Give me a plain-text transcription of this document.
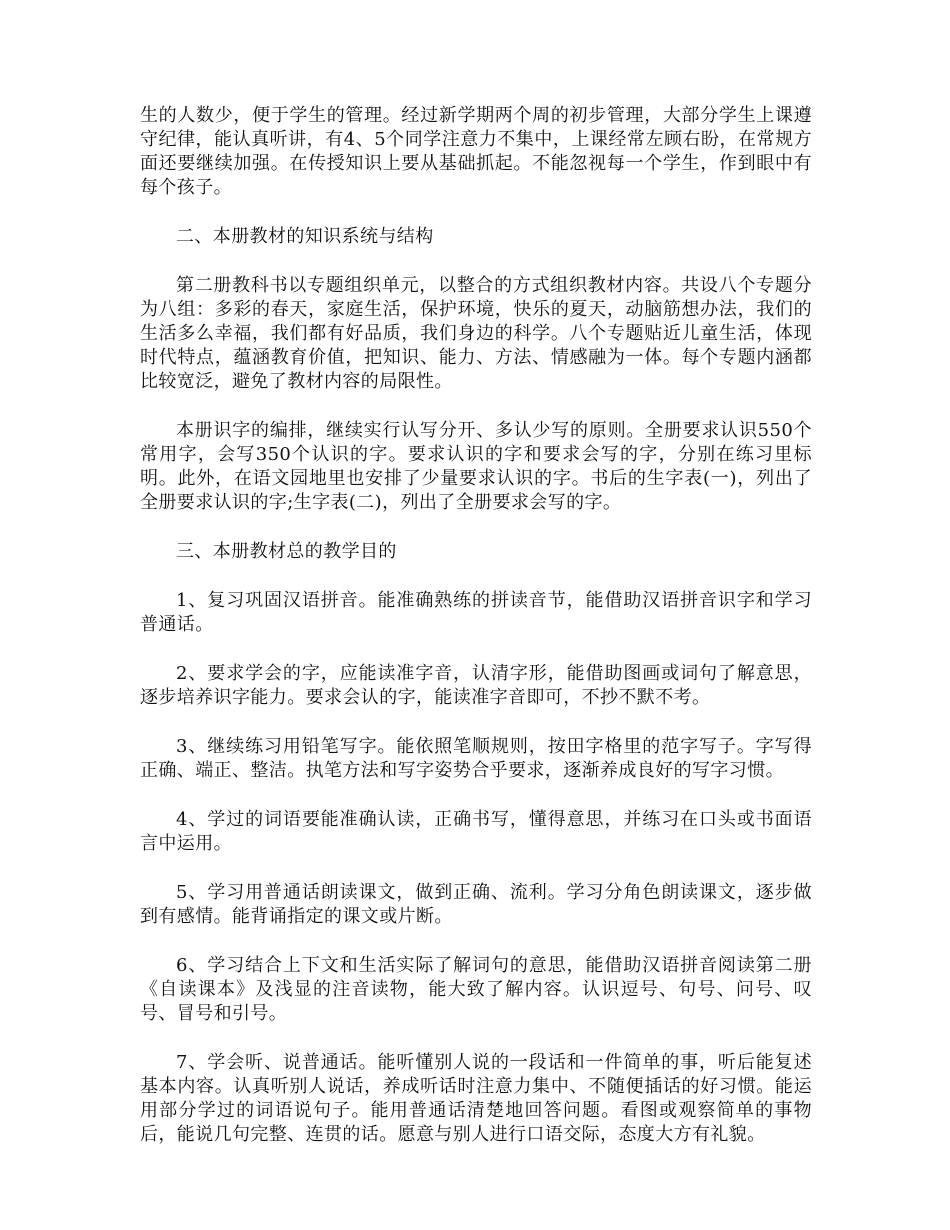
生的人数少，便于学生的管理。经过新学期两个周的初步管理，大部分学生上课遵守纪律，能认真听讲，有4、5个同学注意力不集中，上课经常左顾右盼，在常规方面还要继续加强。在传授知识上要从基础抓起。不能忽视每一个学生，作到眼中有每个孩子。

二、本册教材的知识系统与结构

第二册教科书以专题组织单元，以整合的方式组织教材内容。共设八个专题分为八组：多彩的春天，家庭生活，保护环境，快乐的夏天，动脑筋想办法，我们的生活多么幸福，我们都有好品质，我们身边的科学。八个专题贴近儿童生活，体现时代特点，蕴涵教育价值，把知识、能力、方法、情感融为一体。每个专题内涵都比较宽泛，避免了教材内容的局限性。

本册识字的编排，继续实行认写分开、多认少写的原则。全册要求认识550个常用字，会写350个认识的字。要求认识的字和要求会写的字，分别在练习里标明。此外，在语文园地里也安排了少量要求认识的字。书后的生字表(一)，列出了全册要求认识的字;生字表(二)，列出了全册要求会写的字。

三、本册教材总的教学目的

1、复习巩固汉语拼音。能准确熟练的拼读音节，能借助汉语拼音识字和学习普通话。

2、要求学会的字，应能读准字音，认清字形，能借助图画或词句了解意思，逐步培养识字能力。要求会认的字，能读准字音即可，不抄不默不考。

3、继续练习用铅笔写字。能依照笔顺规则，按田字格里的范字写子。字写得正确、端正、整洁。执笔方法和写字姿势合乎要求，逐渐养成良好的写字习惯。

4、学过的词语要能准确认读，正确书写，懂得意思，并练习在口头或书面语言中运用。

5、学习用普通话朗读课文，做到正确、流利。学习分角色朗读课文，逐步做到有感情。能背诵指定的课文或片断。

6、学习结合上下文和生活实际了解词句的意思，能借助汉语拼音阅读第二册《自读课本》及浅显的注音读物，能大致了解内容。认识逗号、句号、问号、叹号、冒号和引号。

7、学会听、说普通话。能听懂别人说的一段话和一件简单的事，听后能复述基本内容。认真听别人说话，养成听话时注意力集中、不随便插话的好习惯。能运用部分学过的词语说句子。能用普通话清楚地回答问题。看图或观察简单的事物后，能说几句完整、连贯的话。愿意与别人进行口语交际，态度大方有礼貌。
